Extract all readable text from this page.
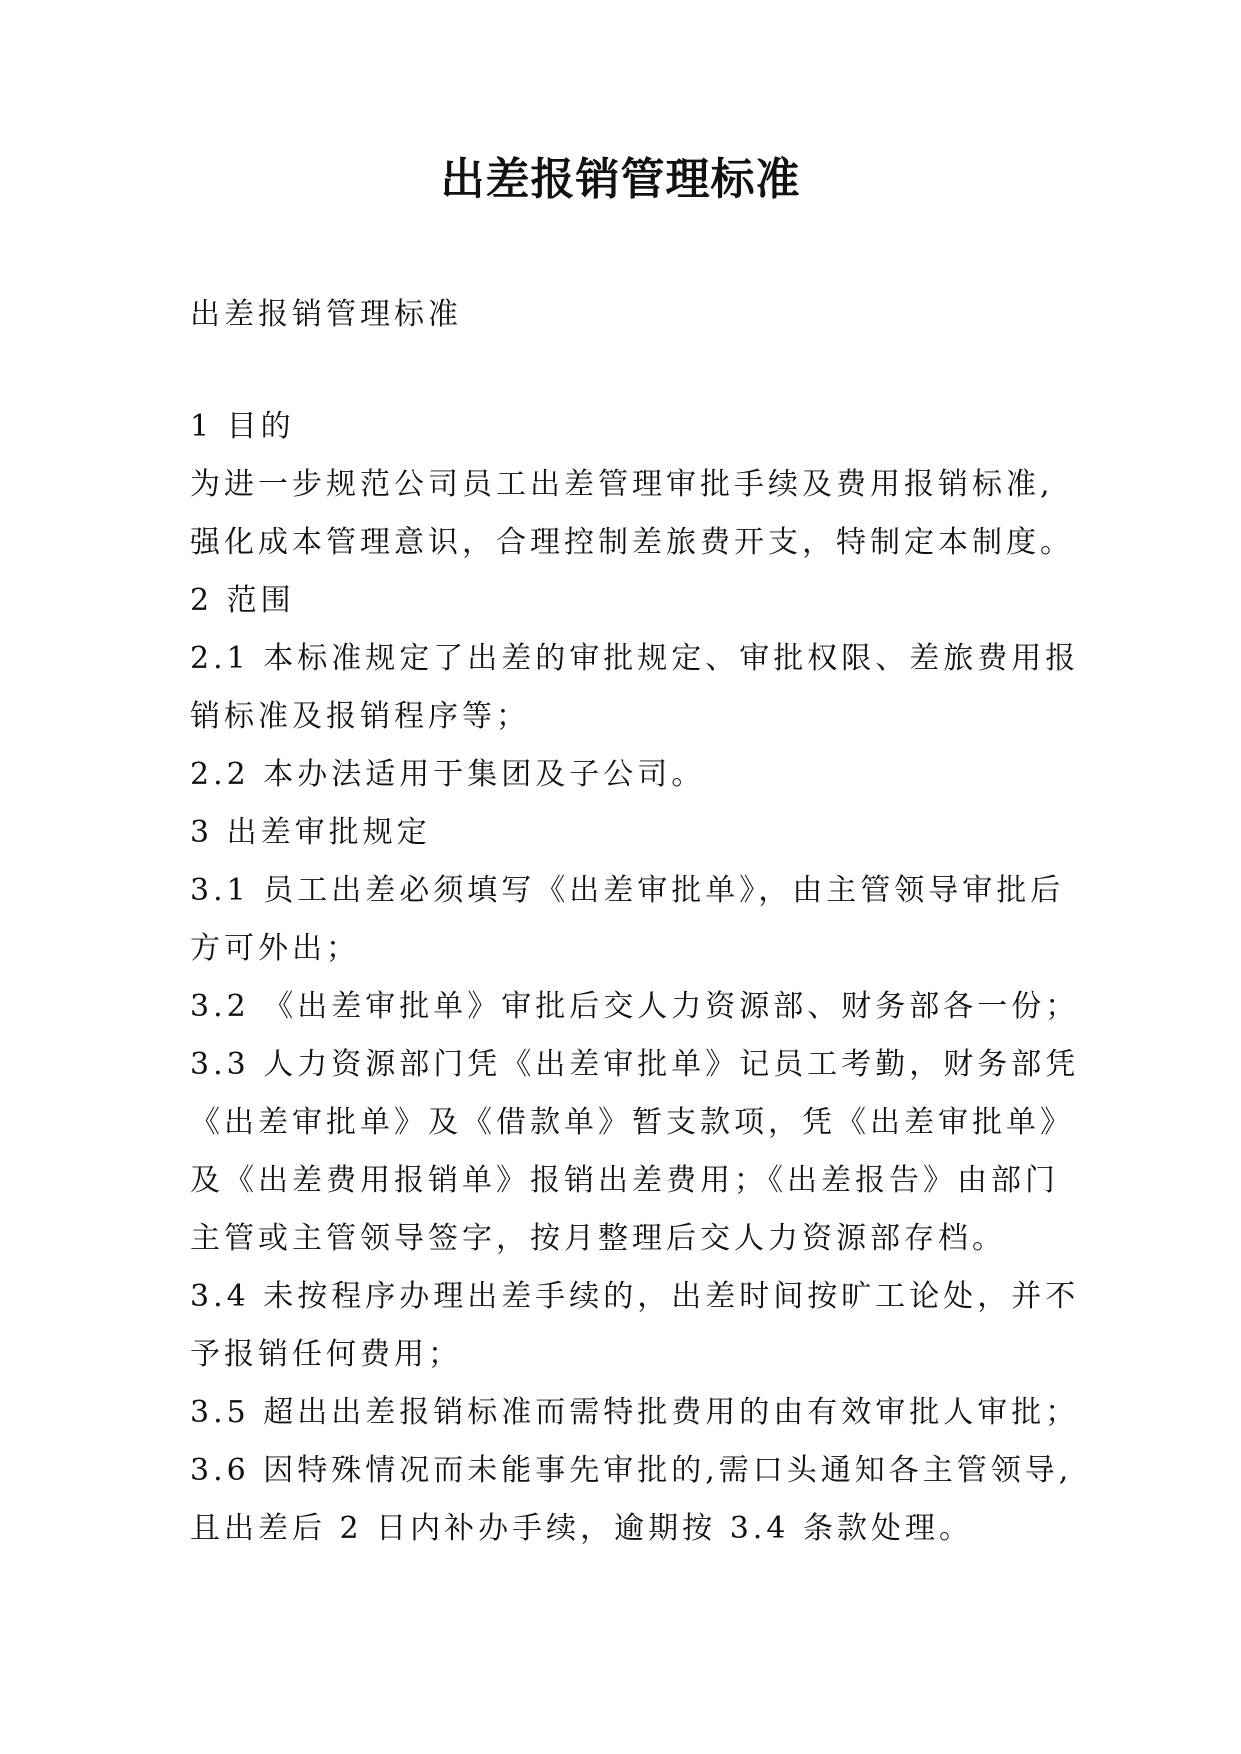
出差报销管理标准

出差报销管理标准

1 目的
为进一步规范公司员工出差管理审批手续及费用报销标准,
强化成本管理意识，合理控制差旅费开支，特制定本制度。
2 范围
2.1 本标准规定了出差的审批规定、审批权限、差旅费用报
销标准及报销程序等；
2.2 本办法适用于集团及子公司。
3 出差审批规定
3.1 员工出差必须填写《出差审批单》，由主管领导审批后
方可外出；
3.2 《出差审批单》审批后交人力资源部、财务部各一份；
3.3 人力资源部门凭《出差审批单》记员工考勤，财务部凭
《出差审批单》及《借款单》暂支款项，凭《出差审批单》
及《出差费用报销单》报销出差费用；《出差报告》由部门
主管或主管领导签字，按月整理后交人力资源部存档。
3.4 未按程序办理出差手续的，出差时间按旷工论处，并不
予报销任何费用；
3.5 超出出差报销标准而需特批费用的由有效审批人审批；
3.6 因特殊情况而未能事先审批的,需口头通知各主管领导,
且出差后 2 日内补办手续，逾期按 3.4 条款处理。
